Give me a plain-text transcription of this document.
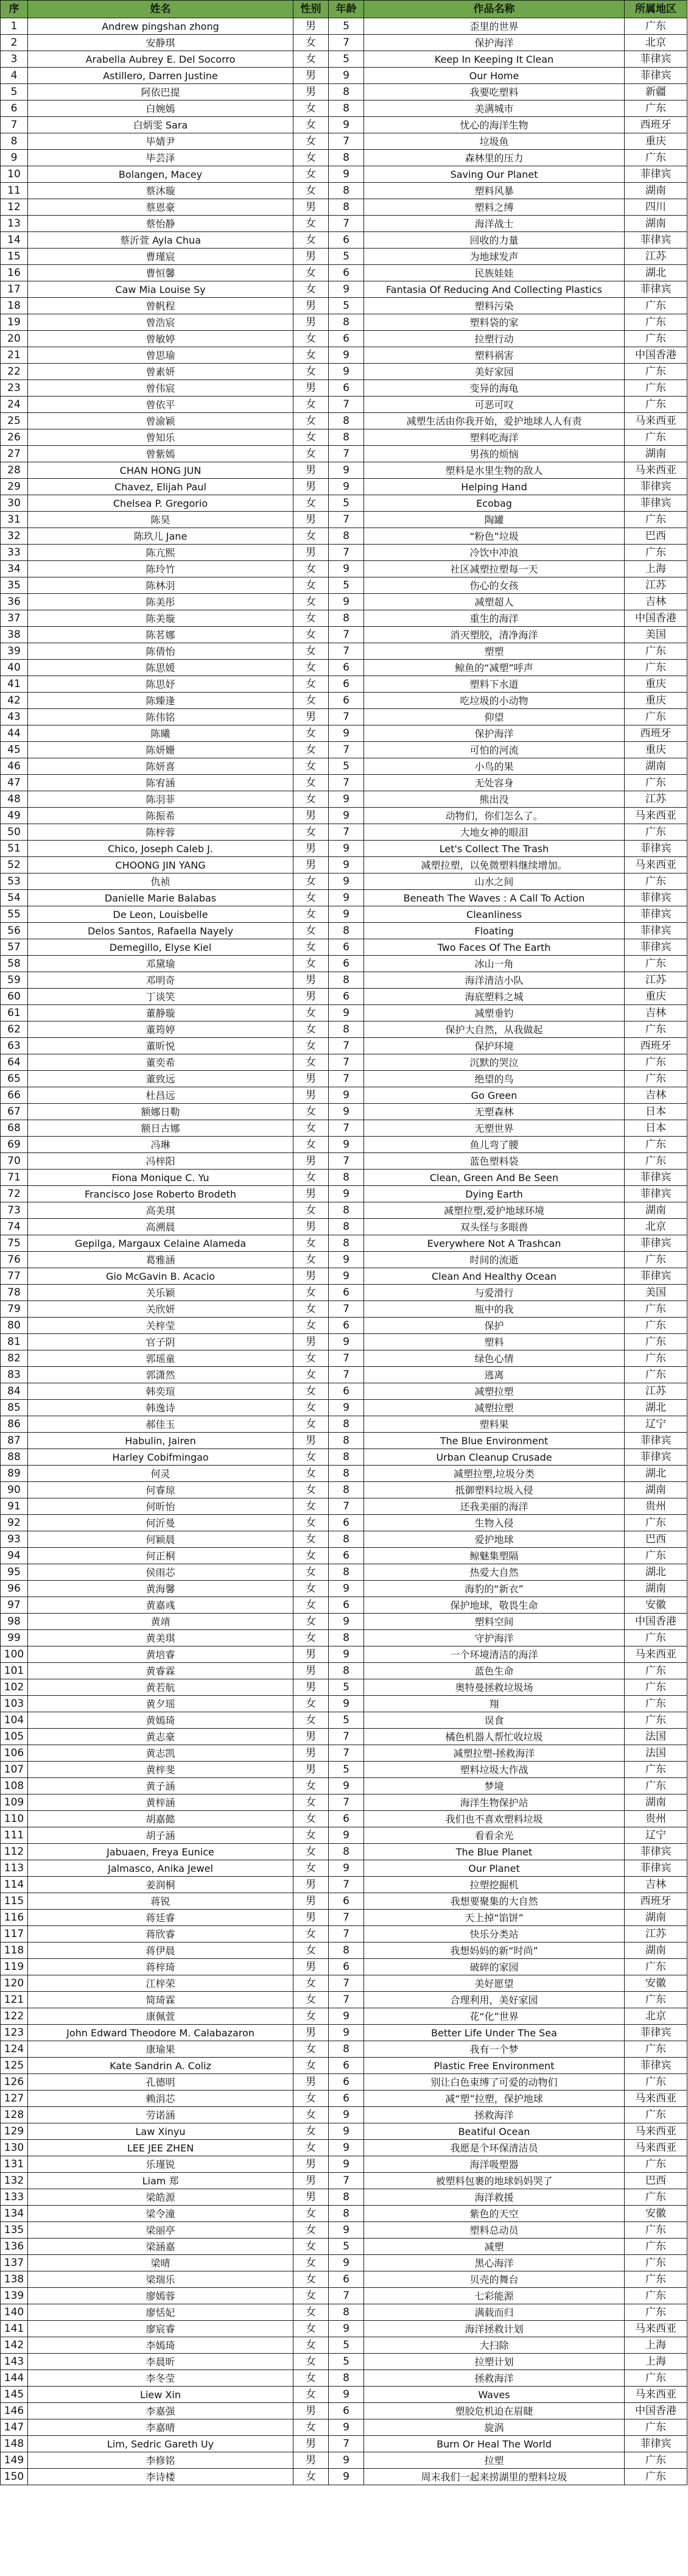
序	姓名	性别	年龄	作品名称	所属地区
1	Andrew pingshan zhong	男	5	歪里的世界	广东
2	安静琪	女	7	保护海洋	北京
3	Arabella Aubrey E. Del Socorro	女	5	Keep In Keeping It Clean	菲律宾
4	Astillero, Darren Justine	男	9	Our Home	菲律宾
5	阿依巴提	男	8	我要吃塑料	新疆
6	白婉嫣	女	8	美满城市	广东
7	白炳雯 Sara	女	9	忧心的海洋生物	西班牙
8	毕婧尹	女	7	垃圾鱼	重庆
9	毕芸泽	女	8	森林里的压力	广东
10	Bolangen, Macey	女	9	Saving Our Planet	菲律宾
11	蔡沐璇	女	8	塑料风暴	湖南
12	蔡恩豪	男	8	塑料之缚	四川
13	蔡怡静	女	7	海洋战士	湖南
14	蔡沂萱 Ayla Chua	女	6	回收的力量	菲律宾
15	曹瑾宸	男	5	为地球发声	江苏
16	曹恒馨	女	6	民族娃娃	湖北
17	Caw Mia Louise Sy	女	9	Fantasia Of Reducing And Collecting Plastics	菲律宾
18	曾帆程	男	5	塑料污染	广东
19	曾浩宸	男	8	塑料袋的家	广东
20	曾敏婷	女	6	拉塑行动	广东
21	曾思瑜	女	9	塑料祸害	中国香港
22	曾素妍	女	9	美好家园	广东
23	曾伟宸	男	6	变异的海龟	广东
24	曾依平	女	7	可恶可叹	广东
25	曾渝颖	女	8	减塑生活由你我开始，爱护地球人人有责	马来西亚
26	曾知乐	女	8	塑料吃海洋	广东
27	曾紫嫣	女	7	男孩的烦恼	湖南
28	CHAN HONG JUN	男	9	塑料是水里生物的敌人	马来西亚
29	Chavez, Elijah Paul	男	9	Helping Hand	菲律宾
30	Chelsea P. Gregorio	女	5	Ecobag	菲律宾
31	陈昊	男	7	陶罐	广东
32	陈玖儿 Jane	女	8	“粉色”垃圾	巴西
33	陈亢熙	男	7	冷饮中冲浪	广东
34	陈玲竹	女	9	社区减塑拉塑每一天	上海
35	陈林羽	女	5	伤心的女孩	江苏
36	陈美彤	女	9	减塑超人	吉林
37	陈美璇	女	8	重生的海洋	中国香港
38	陈茗娜	女	7	消灭塑胶，清净海洋	美国
39	陈倩怡	女	7	塑塑	广东
40	陈思媛	女	6	鲸鱼的“减塑”呼声	广东
41	陈思妤	女	6	塑料下水道	重庆
42	陈臻逢	女	6	吃垃圾的小动物	重庆
43	陈伟铭	男	7	仰望	广东
44	陈曦	女	9	保护海洋	西班牙
45	陈妍姗	女	7	可怕的河流	重庆
46	陈妍喜	女	5	小鸟的果	湖南
47	陈宥涵	女	7	无处容身	广东
48	陈羽菲	女	9	熊出没	江苏
49	陈振希	男	9	动物们，你们怎么了。	马来西亚
50	陈梓蓉	女	7	大地女神的眼泪	广东
51	Chico, Joseph Caleb J.	男	9	Let's Collect The Trash	菲律宾
52	CHOONG JIN YANG	男	9	减塑拉塑，以免微塑料继续增加。	马来西亚
53	仇祯	女	9	山水之间	广东
54	Danielle Marie Balabas	女	9	Beneath The Waves : A Call To Action	菲律宾
55	De Leon, Louisbelle	女	9	Cleanliness	菲律宾
56	Delos Santos, Rafaella Nayely	女	8	Floating	菲律宾
57	Demegillo, Elyse Kiel	女	6	Two Faces Of The Earth	菲律宾
58	邓黛瑜	女	6	冰山一角	广东
59	邓明奇	男	8	海洋清洁小队	江苏
60	丁谈笑	男	6	海底塑料之城	重庆
61	董静璇	女	9	减塑垂钓	吉林
62	董筠婷	女	8	保护大自然，从我做起	广东
63	董昕悦	女	7	保护环境	西班牙
64	董奕希	女	7	沉默的哭泣	广东
65	董致远	男	7	绝望的鸟	广东
66	杜昌远	男	9	Go Green	吉林
67	额娜日勒	女	9	无塑森林	日本
68	额日古娜	女	7	无塑世界	日本
69	冯琳	女	9	鱼儿弯了腰	广东
70	冯梓阳	男	7	蓝色塑料袋	广东
71	Fiona Monique C. Yu	女	8	Clean, Green And Be Seen	菲律宾
72	Francisco Jose Roberto Brodeth	男	9	Dying Earth	菲律宾
73	高美琪	女	8	减塑拉塑,爱护地球环境	湖南
74	高溯晨	男	8	双头怪与多眼兽	北京
75	Gepilga, Margaux Celaine Alameda	女	8	Everywhere Not A Trashcan	菲律宾
76	葛雅涵	女	9	时间的流逝	广东
77	Gio McGavin B. Acacio	男	9	Clean And Healthy Ocean	菲律宾
78	关乐颖	女	6	与爱滑行	美国
79	关欣妍	女	7	瓶中的我	广东
80	关梓莹	女	6	保护	广东
81	官子阴	男	9	塑料	广东
82	郭瑶童	女	7	绿色心情	广东
83	郭潇然	女	7	逃离	广东
84	韩奕瑄	女	6	减塑拉塑	江苏
85	韩逸诗	女	9	减塑拉塑	湖北
86	郝佳玉	女	8	塑料果	辽宁
87	Habulin, Jairen	男	8	The Blue Environment	菲律宾
88	Harley Cobifmingao	女	8	Urban Cleanup Crusade	菲律宾
89	何灵	女	8	减塑拉塑,垃圾分类	湖北
90	何睿琼	女	8	抵御塑料垃圾入侵	湖南
91	何昕怡	女	7	还我美丽的海洋	贵州
92	何沂曼	女	6	生物入侵	广东
93	何颖晨	女	8	爱护地球	巴西
94	何正桐	女	6	鲸魅集塑隔	广东
95	侯雨芯	女	8	热爱大自然	湖北
96	黄海馨	女	9	海豹的“新衣”	湖南
97	黄嘉彧	女	6	保护地球，敬畏生命	安徽
98	黄靖	女	9	塑料空间	中国香港
99	黄美琪	女	8	守护海洋	广东
100	黄培睿	男	9	一个环境清洁的海洋	马来西亚
101	黄睿霖	男	8	蓝色生命	广东
102	黄若航	男	5	奥特曼拯救垃圾场	广东
103	黄夕瑶	女	9	翔	广东
104	黄嫣琦	女	5	误食	广东
105	黄志豪	男	7	橘色机器人帮忙收垃圾	法国
106	黄志凯	男	7	减塑拉塑-拯救海洋	法国
107	黄梓斐	男	5	塑料垃圾大作战	广东
108	黄子涵	女	9	梦境	广东
109	黄梓涵	女	7	海洋生物保护站	湖南
110	胡嘉懿	女	6	我们也不喜欢塑料垃圾	贵州
111	胡子涵	女	9	看看余光	辽宁
112	Jabuaen, Freya Eunice	女	8	The Blue Planet	菲律宾
113	Jalmasco, Anika Jewel	女	9	Our Planet	菲律宾
114	姜润桐	男	7	拉塑挖掘机	吉林
115	蒋锐	男	6	我想要聚集的大自然	西班牙
116	蒋廷睿	男	7	天上掉“馅饼”	湖南
117	蒋欣睿	女	7	快乐分类站	江苏
118	蒋伊晨	女	8	我想妈妈的新“时尚”	湖南
119	蒋梓琦	男	6	破碎的家园	广东
120	江梓荣	女	7	美好愿望	安徽
121	简琦霖	女	7	合理利用，美好家园	广东
122	康佩萱	女	9	花“化”世界	北京
123	John Edward Theodore M. Calabazaron	男	9	Better Life Under The Sea	菲律宾
124	康瑜果	女	8	我有一个梦	广东
125	Kate Sandrin A. Coliz	女	6	Plastic Free Environment	菲律宾
126	孔德明	男	6	别让白色束缚了可爱的动物们	广东
127	赖涓芯	女	6	减“塑”拉塑，保护地球	马来西亚
128	劳诺涵	女	9	拯救海洋	广东
129	Law Xinyu	女	9	Beatiful Ocean	马来西亚
130	LEE JEE ZHEN	女	9	我愿是个环保清洁员	马来西亚
131	乐瑾锐	男	9	海洋吸塑器	广东
132	Liam 郑	男	7	被塑料包裹的地球妈妈哭了	巴西
133	梁皓源	男	8	海洋救援	广东
134	梁令潼	女	8	紫色的天空	安徽
135	梁丽亭	女	9	塑料总动员	广东
136	梁涵嘉	女	5	减塑	广东
137	梁晴	女	9	黑心海洋	广东
138	梁瑞乐	女	6	贝壳的舞台	广东
139	廖嫣蓉	女	7	七彩能源	广东
140	廖恬妃	女	8	满载而归	广东
141	廖宸睿	女	9	海洋拯救计划	马来西亚
142	李嫣琦	女	5	大扫除	上海
143	李晨昕	女	5	拉塑计划	上海
144	李冬莹	女	8	拯救海洋	广东
145	Liew Xin	女	9	Waves	马来西亚
146	李嘉强	男	6	塑胶危机迫在眉睫	中国香港
147	李嘉晴	女	9	旋涡	广东
148	Lim, Sedric Gareth Uy	男	7	Burn Or Heal The World	菲律宾
149	李修铭	男	9	拉塑	广东
150	李诗楼	女	9	周末我们一起来捞湖里的塑料垃圾	广东
